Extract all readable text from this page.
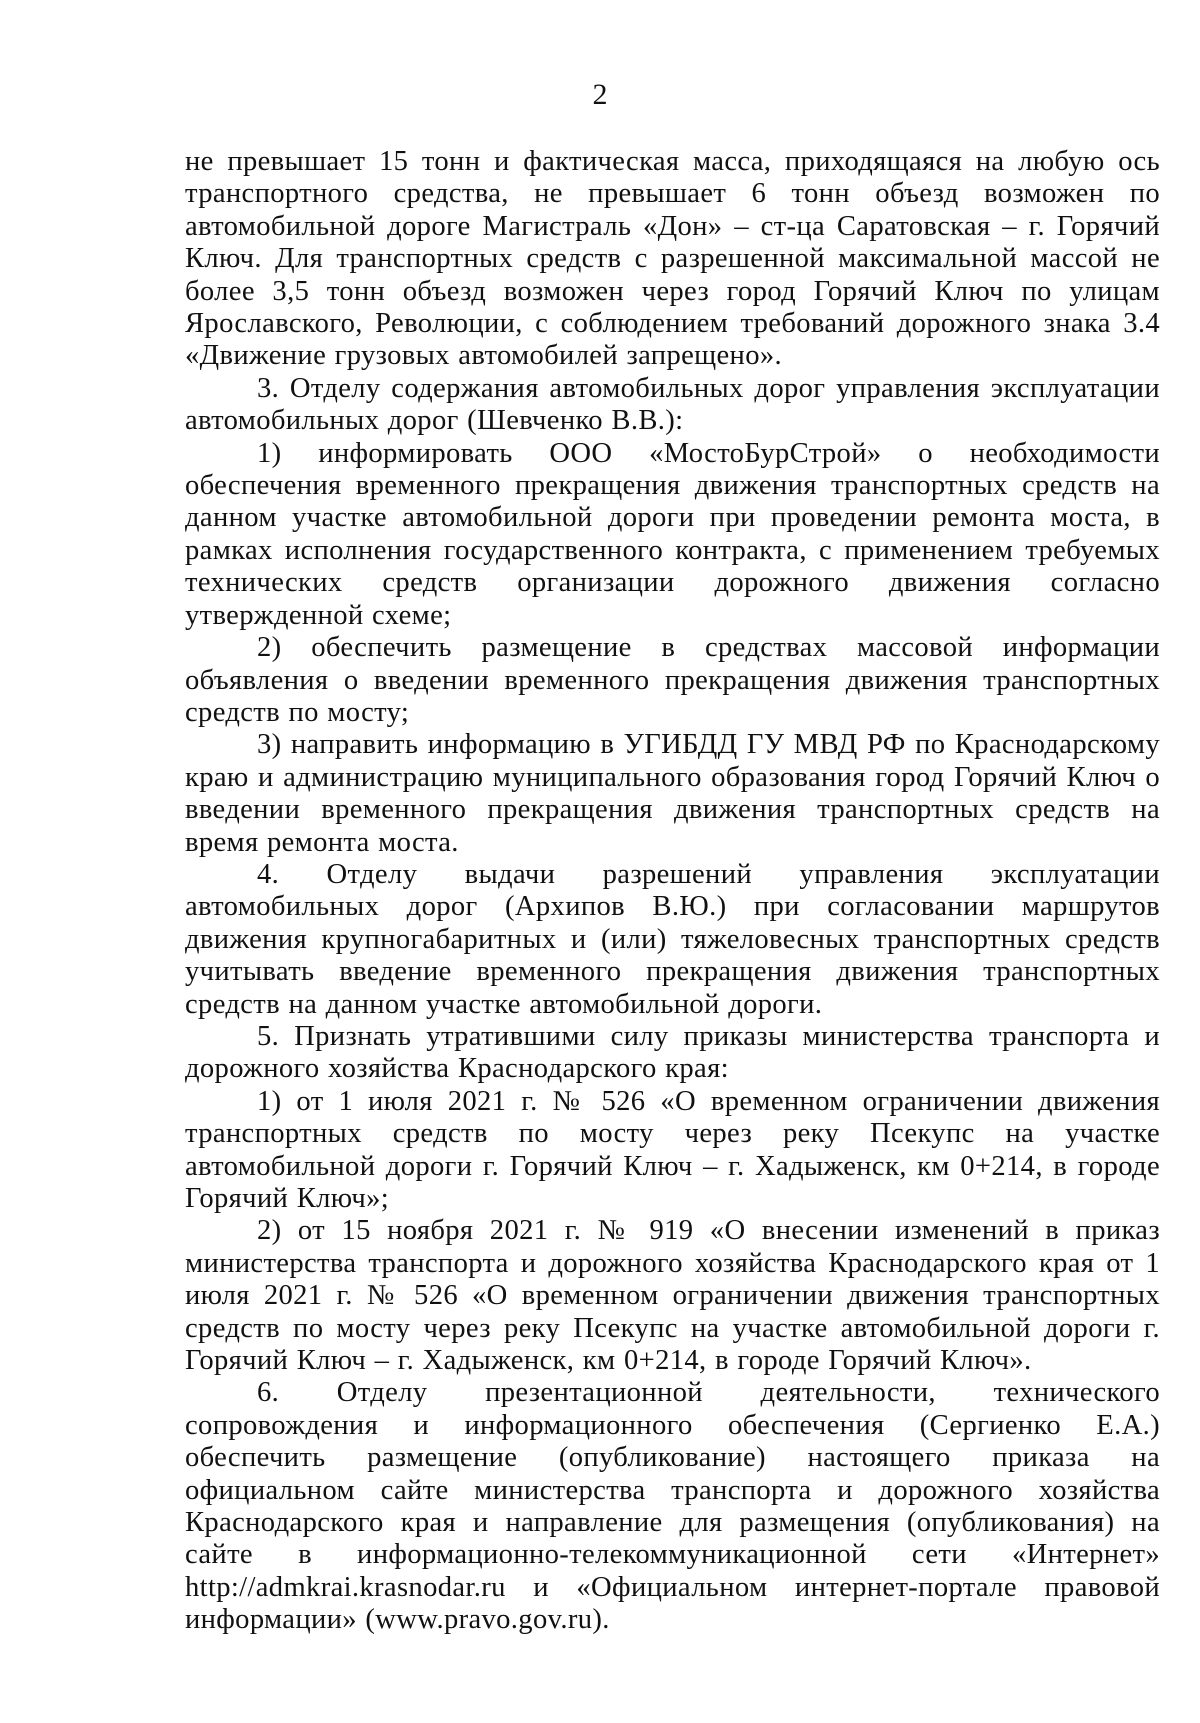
2

не превышает 15 тонн и фактическая масса, приходящаяся на любую ось транспортного средства, не превышает 6 тонн объезд возможен по автомобильной дороге Магистраль «Дон» – ст-ца Саратовская – г. Горячий Ключ. Для транспортных средств с разрешенной максимальной массой не более 3,5 тонн объезд возможен через город Горячий Ключ по улицам Ярославского, Революции, с соблюдением требований дорожного знака 3.4 «Движение грузовых автомобилей запрещено».

3. Отделу содержания автомобильных дорог управления эксплуатации автомобильных дорог (Шевченко В.В.):

1) информировать ООО «МостоБурСтрой» о необходимости обеспечения временного прекращения движения транспортных средств на данном участке автомобильной дороги при проведении ремонта моста, в рамках исполнения государственного контракта, с применением требуемых технических средств организации дорожного движения согласно утвержденной схеме;

2) обеспечить размещение в средствах массовой информации объявления о введении временного прекращения движения транспортных средств по мосту;

3) направить информацию в УГИБДД ГУ МВД РФ по Краснодарскому краю и администрацию муниципального образования город Горячий Ключ о введении временного прекращения движения транспортных средств на время ремонта моста.

4. Отделу выдачи разрешений управления эксплуатации автомобильных дорог (Архипов В.Ю.) при согласовании маршрутов движения крупногабаритных и (или) тяжеловесных транспортных средств учитывать введение временного прекращения движения транспортных средств на данном участке автомобильной дороги.

5. Признать утратившими силу приказы министерства транспорта и дорожного хозяйства Краснодарского края:

1) от 1 июля 2021 г. № 526 «О временном ограничении движения транспортных средств по мосту через реку Псекупс на участке автомобильной дороги г. Горячий Ключ – г. Хадыженск, км 0+214, в городе Горячий Ключ»;

2) от 15 ноября 2021 г. № 919 «О внесении изменений в приказ министерства транспорта и дорожного хозяйства Краснодарского края от 1 июля 2021 г. № 526 «О временном ограничении движения транспортных средств по мосту через реку Псекупс на участке автомобильной дороги г. Горячий Ключ – г. Хадыженск, км 0+214, в городе Горячий Ключ».

6. Отделу презентационной деятельности, технического сопровождения и информационного обеспечения (Сергиенко Е.А.) обеспечить размещение (опубликование) настоящего приказа на официальном сайте министерства транспорта и дорожного хозяйства Краснодарского края и направление для размещения (опубликования) на сайте в информационно-телекоммуникационной сети «Интернет» http://admkrai.krasnodar.ru и «Официальном интернет-портале правовой информации» (www.pravo.gov.ru).
